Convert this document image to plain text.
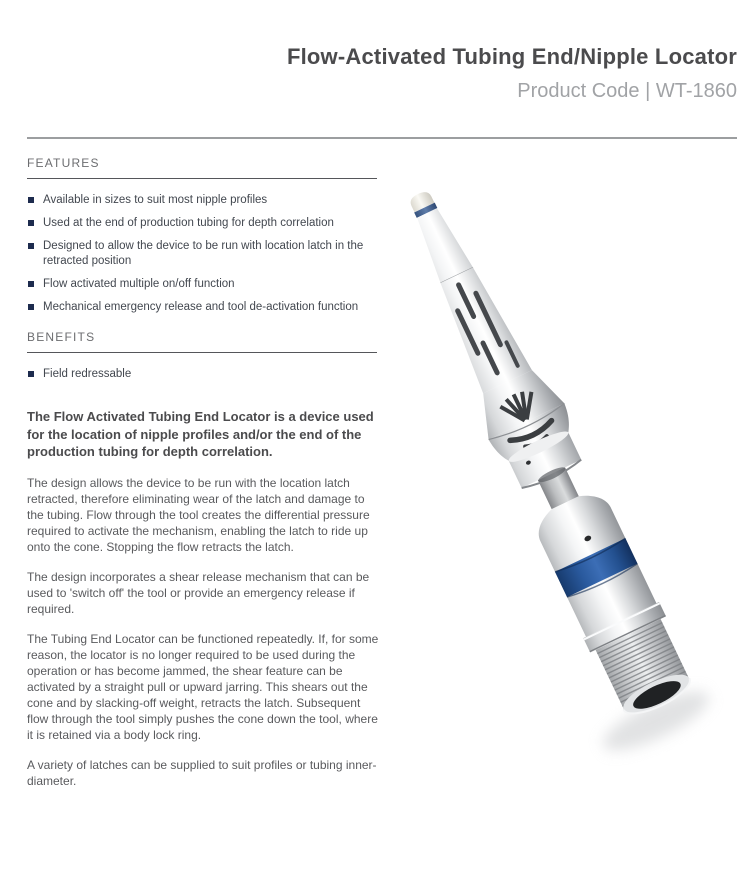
Flow-Activated Tubing End/Nipple Locator
Product Code | WT-1860
FEATURES
Available in sizes to suit most nipple profiles
Used at the end of production tubing for depth correlation
Designed to allow the device to be run with location latch in the retracted position
Flow activated multiple on/off function
Mechanical emergency release and tool de-activation function
BENEFITS
Field redressable
The Flow Activated Tubing End Locator is a device used for the location of nipple profiles and/or the end of the production tubing for depth correlation.
The design allows the device to be run with the location latch retracted, therefore eliminating wear of the latch and damage to the tubing. Flow through the tool creates the differential pressure required to activate the mechanism, enabling the latch to ride up onto the cone. Stopping the flow retracts the latch.
The design incorporates a shear release mechanism that can be used to 'switch off' the tool or provide an emergency release if required.
The Tubing End Locator can be functioned repeatedly. If, for some reason, the locator is no longer required to be used during the operation or has become jammed, the shear feature can be activated by a straight pull or upward jarring. This shears out the cone and by slacking-off weight, retracts the latch. Subsequent flow through the tool simply pushes the cone down the tool, where it is retained via a body lock ring.
A variety of latches can be supplied to suit profiles or tubing inner-diameter.
